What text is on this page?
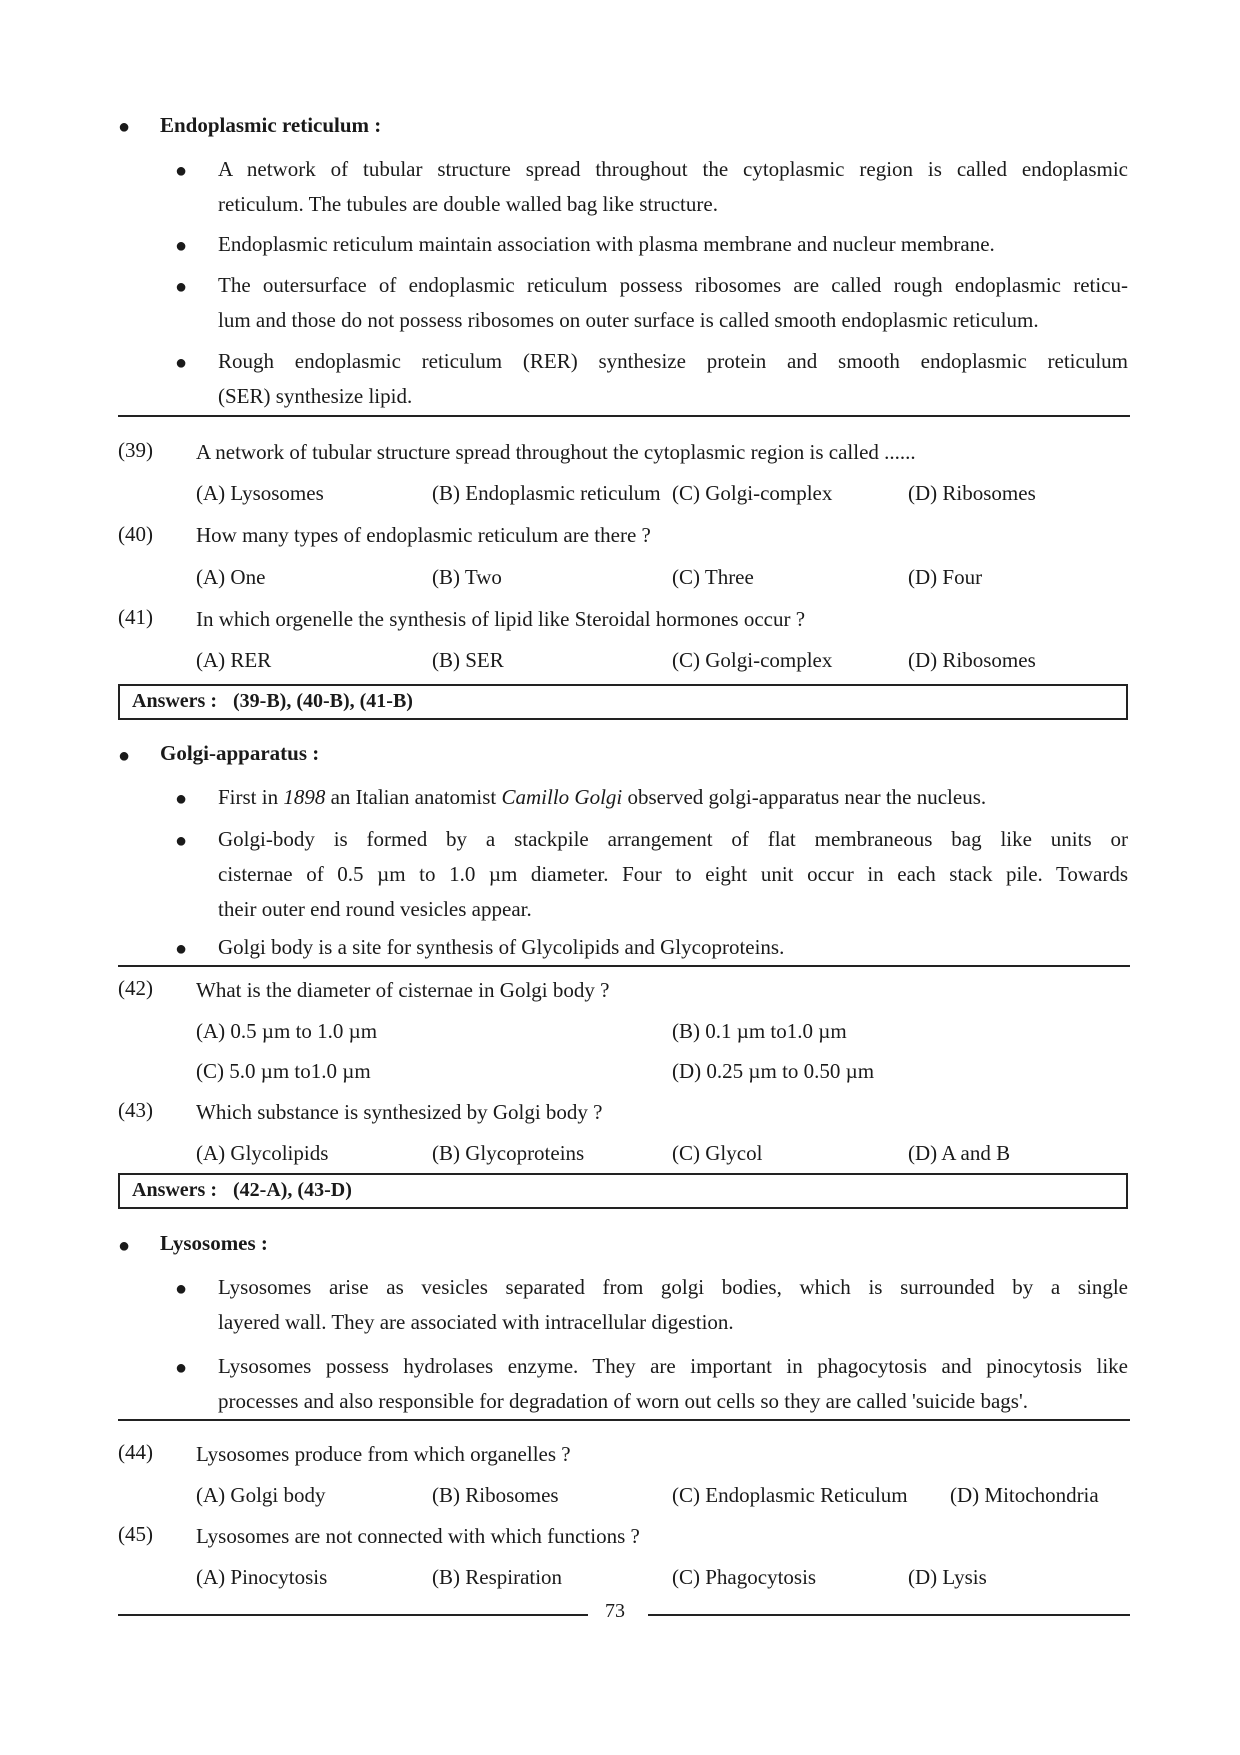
● Endoplasmic reticulum :
● A network of tubular structure spread throughout the cytoplasmic region is called endoplasmic
reticulum. The tubules are double walled bag like structure.
● Endoplasmic reticulum maintain association with plasma membrane and nucleur membrane.
● The outersurface of endoplasmic reticulum possess ribosomes are called rough endoplasmic reticu-
lum and those do not possess ribosomes on outer surface is called smooth endoplasmic reticulum.
● Rough endoplasmic reticulum (RER) synthesize protein and smooth endoplasmic reticulum
(SER) synthesize lipid.
(39) A network of tubular structure spread throughout the cytoplasmic region is called ......
(A) Lysosomes	(B) Endoplasmic reticulum (C) Golgi-complex	(D) Ribosomes
(40) How many types of endoplasmic reticulum are there ?
(A) One	(B) Two	(C) Three	(D) Four
(41) In which orgenelle the synthesis of lipid like Steroidal hormones occur ?
(A) RER	(B) SER	(C) Golgi-complex	(D) Ribosomes
Answers : (39-B), (40-B), (41-B)
● Golgi-apparatus :
● First in 1898 an Italian anatomist Camillo Golgi observed golgi-apparatus near the nucleus.
● Golgi-body is formed by a stackpile arrangement of flat membraneous bag like units or
cisternae of 0.5 µm to 1.0 µm diameter. Four to eight unit occur in each stack pile. Towards
their outer end round vesicles appear.
● Golgi body is a site for synthesis of Glycolipids and Glycoproteins.
(42) What is the diameter of cisternae in Golgi body ?
(A) 0.5 µm to 1.0 µm	(B) 0.1 µm to1.0 µm
(C) 5.0 µm to1.0 µm	(D) 0.25 µm to 0.50 µm
(43) Which substance is synthesized by Golgi body ?
(A) Glycolipids	(B) Glycoproteins	(C) Glycol	(D) A and B
Answers : (42-A), (43-D)
● Lysosomes :
● Lysosomes arise as vesicles separated from golgi bodies, which is surrounded by a single
layered wall. They are associated with intracellular digestion.
● Lysosomes possess hydrolases enzyme. They are important in phagocytosis and pinocytosis like
processes and also responsible for degradation of worn out cells so they are called 'suicide bags'.
(44) Lysosomes produce from which organelles ?
(A) Golgi body	(B) Ribosomes	(C) Endoplasmic Reticulum (D) Mitochondria
(45) Lysosomes are not connected with which functions ?
(A) Pinocytosis	(B) Respiration	(C) Phagocytosis	(D) Lysis
73
